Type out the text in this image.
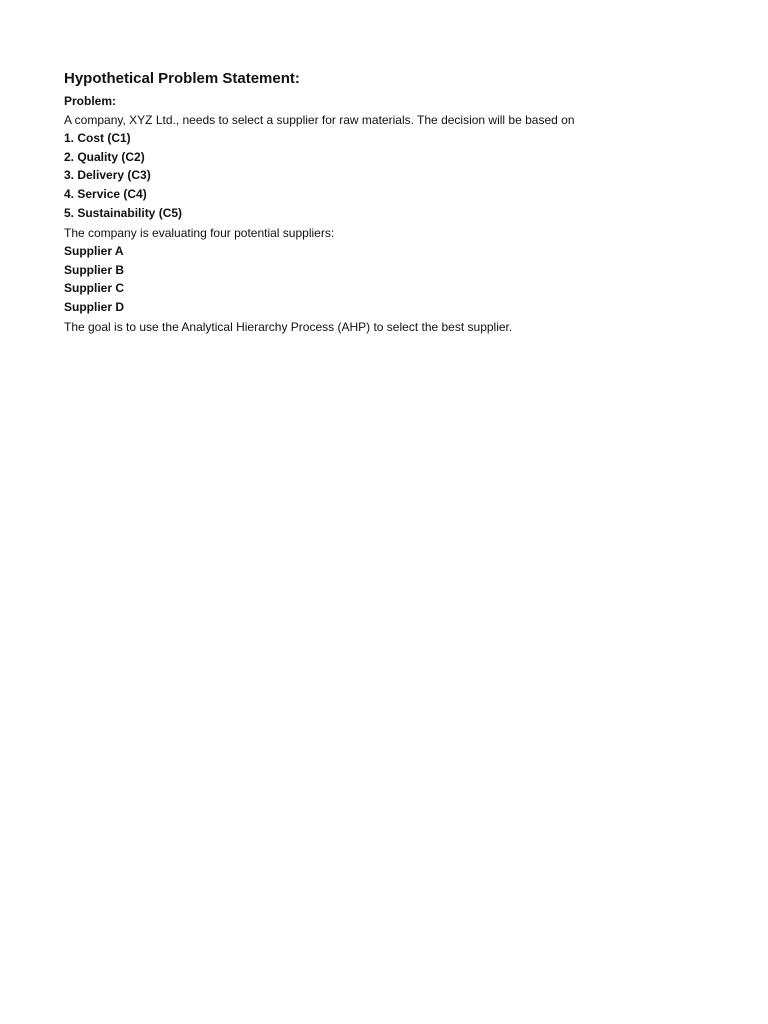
Hypothetical Problem Statement:
Problem:
A company, XYZ Ltd., needs to select a supplier for raw materials. The decision will be based on
1. Cost (C1)
2. Quality (C2)
3. Delivery (C3)
4. Service (C4)
5. Sustainability (C5)
The company is evaluating four potential suppliers:
Supplier A
Supplier B
Supplier C
Supplier D
The goal is to use the Analytical Hierarchy Process (AHP) to select the best supplier.
